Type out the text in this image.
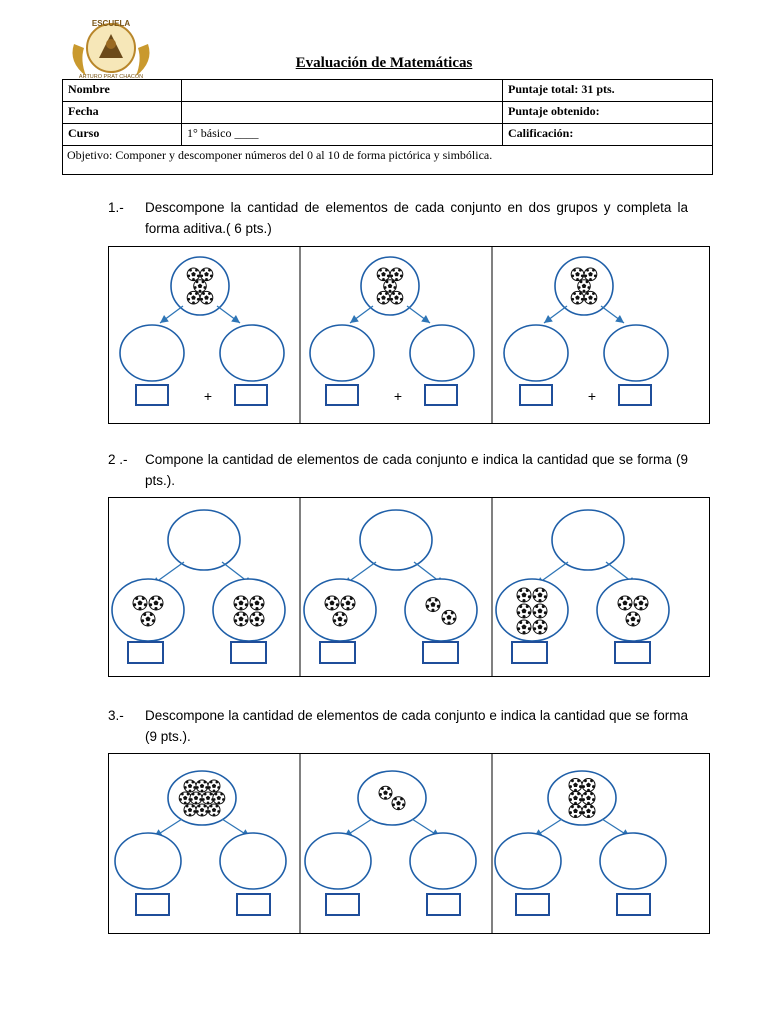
ESCUELA
ARTURO PRAT CHACÓN
Evaluación de Matemáticas
Nombre		Puntaje total: 31 pts.
Fecha		Puntaje obtenido:
Curso	1° básico ____	Calificación:
Objetivo: Componer y descomponer números del 0 al 10 de forma pictórica y simbólica.		
1.- Descompone la cantidad de elementos de cada conjunto en dos grupos y completa la forma aditiva.( 6 pts.)
+	+	+
2 .- Compone la cantidad de elementos de cada conjunto e indica la cantidad que se forma (9 pts.).
3.- Descompone la cantidad de elementos de cada conjunto e indica la cantidad que se forma (9 pts.).
